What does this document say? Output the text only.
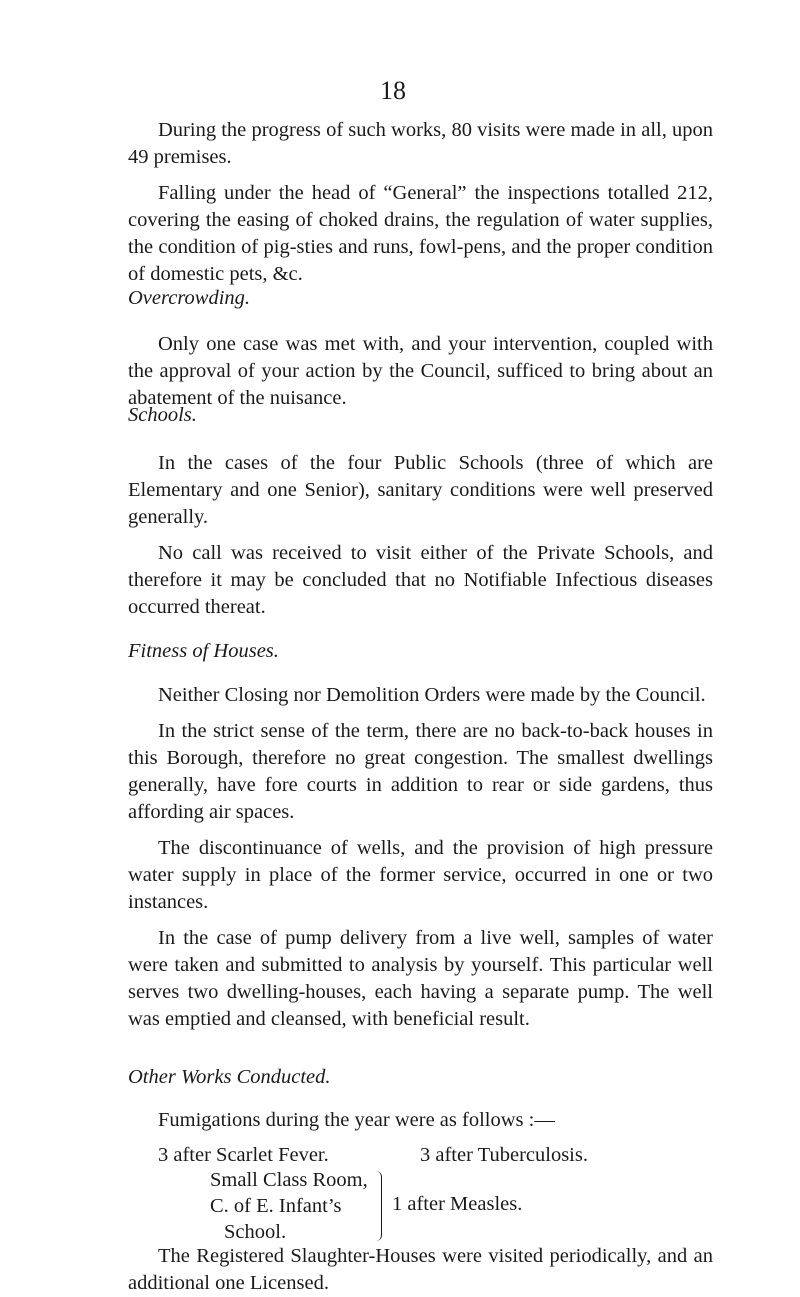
18

During the progress of such works, 80 visits were made in all, upon 49 premises.

Falling under the head of “General” the inspections totalled 212, covering the easing of choked drains, the regulation of water supplies, the condition of pig-sties and runs, fowl-pens, and the proper condition of domestic pets, &c.

Overcrowding.

Only one case was met with, and your intervention, coupled with the approval of your action by the Council, sufficed to bring about an abatement of the nuisance.

Schools.

In the cases of the four Public Schools (three of which are Elementary and one Senior), sanitary conditions were well preserved generally.

No call was received to visit either of the Private Schools, and therefore it may be concluded that no Notifiable Infectious diseases occurred thereat.

Fitness of Houses.

Neither Closing nor Demolition Orders were made by the Council.

In the strict sense of the term, there are no back-to-back houses in this Borough, therefore no great congestion. The smallest dwellings generally, have fore courts in addition to rear or side gardens, thus affording air spaces.

The discontinuance of wells, and the provision of high pressure water supply in place of the former service, occurred in one or two instances.

In the case of pump delivery from a live well, samples of water were taken and submitted to analysis by yourself. This particular well serves two dwelling-houses, each having a separate pump. The well was emptied and cleansed, with beneficial result.

Other Works Conducted.

Fumigations during the year were as follows :—

3 after Scarlet Fever.	3 after Tuberculosis.
Small Class Room,
C. of E. Infant’s
School.
1 after Measles.

The Registered Slaughter-Houses were visited periodically, and an additional one Licensed.
